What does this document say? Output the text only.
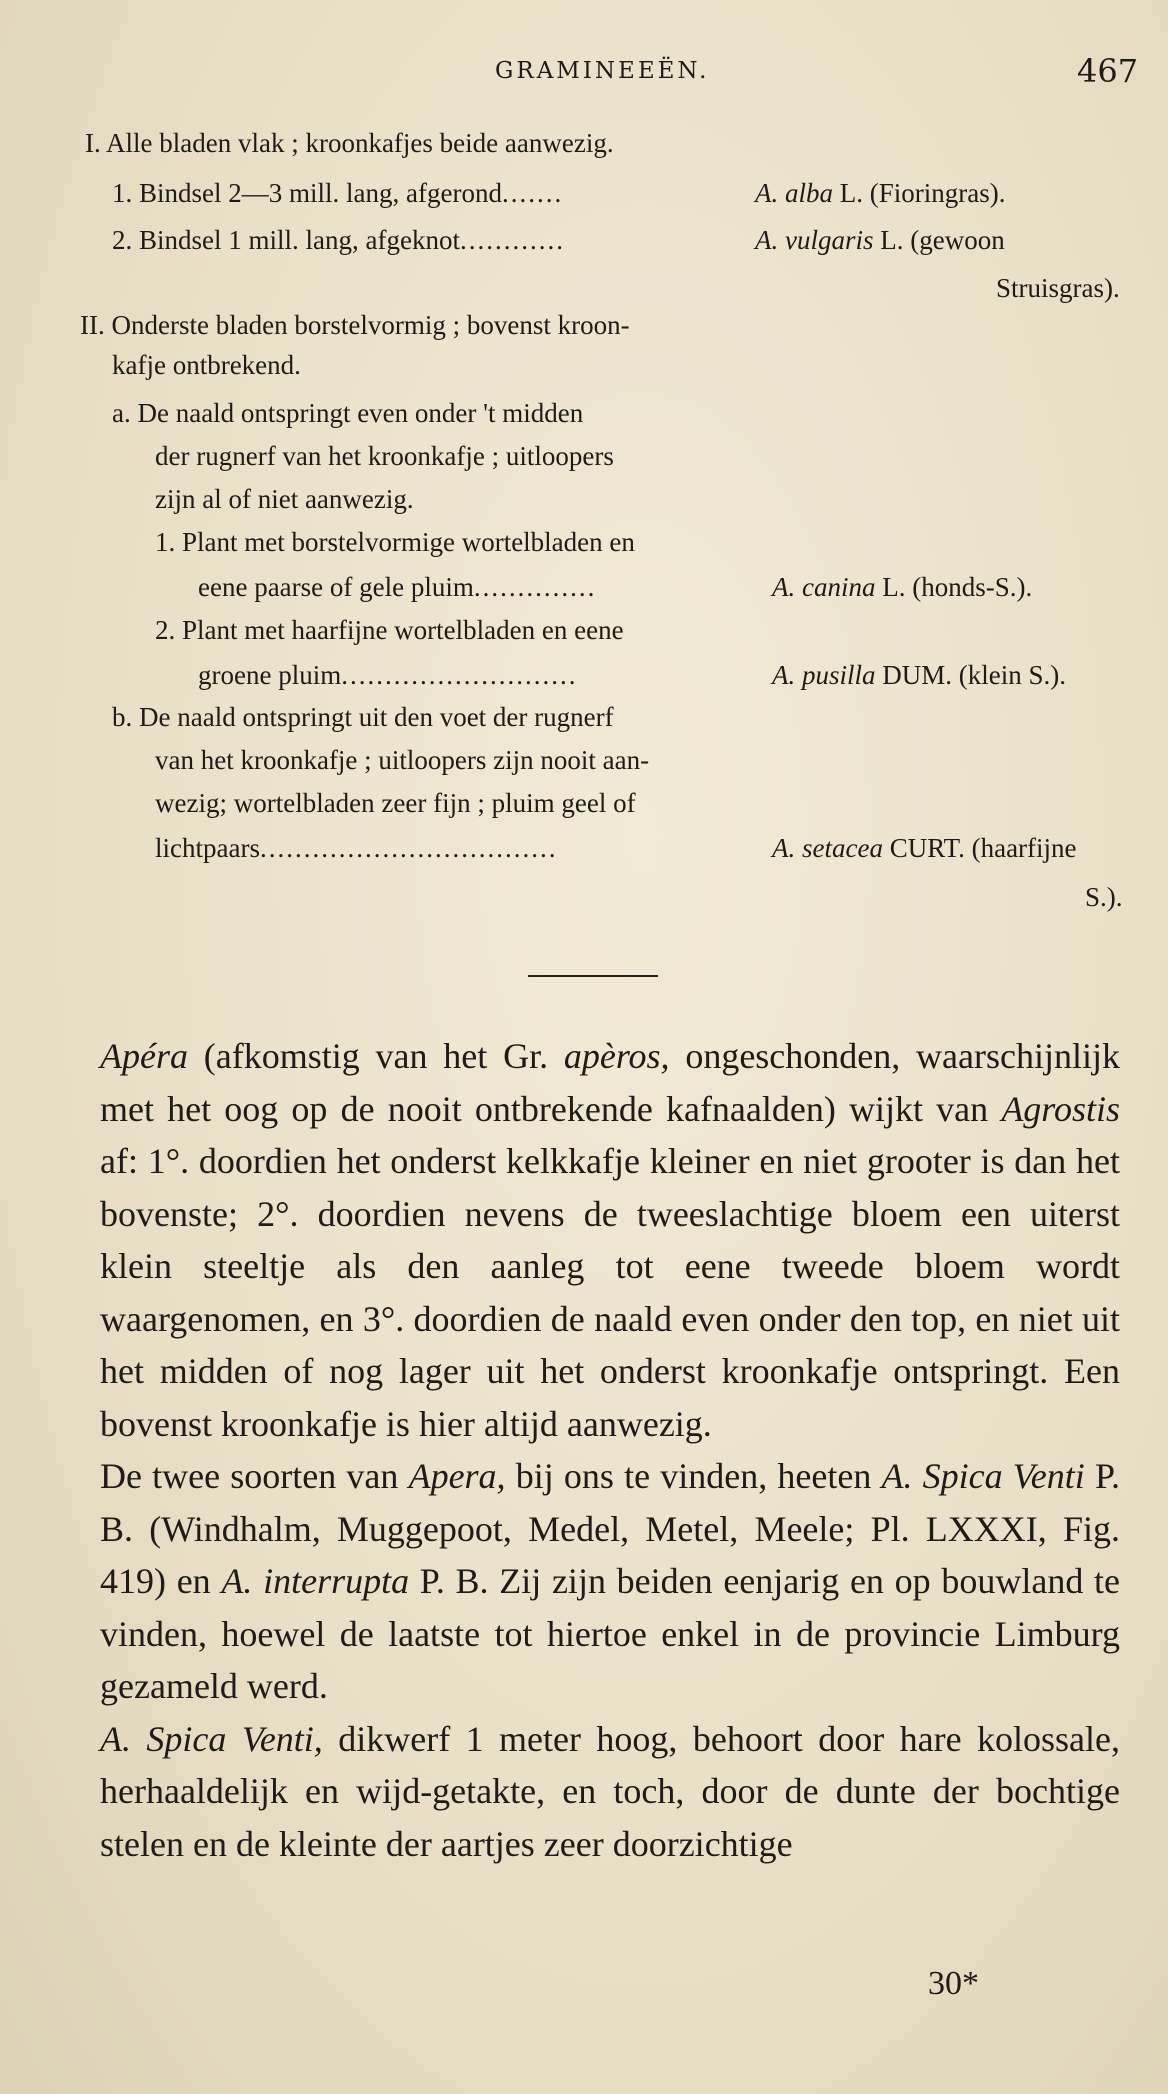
GRAMINEEËN.	467
I. Alle bladen vlak ; kroonkafjes beide aanwezig.
1. Bindsel 2—3 mill. lang, afgerond.......	A. alba L. (Fioringras).
2. Bindsel 1 mill. lang, afgeknot............	A. vulgaris L. (gewoon
Struisgras).
II. Onderste bladen borstelvormig ; bovenst kroon-
kafje ontbrekend.
a. De naald ontspringt even onder 't midden
der rugnerf van het kroonkafje ; uitloopers
zijn al of niet aanwezig.
1. Plant met borstelvormige wortelbladen en
eene paarse of gele pluim..............	A. canina L. (honds-S.).
2. Plant met haarfijne wortelbladen en eene
groene pluim...........................	A. pusilla DUM. (klein S.).
b. De naald ontspringt uit den voet der rugnerf
van het kroonkafje ; uitloopers zijn nooit aan-
wezig; wortelbladen zeer fijn ; pluim geel of
lichtpaars..................................	A. setacea CURT. (haarfijne
S.).

Apéra (afkomstig van het Gr. apèros, ongeschonden, waarschijnlijk met het oog op de nooit ontbrekende kafnaalden) wijkt van Agrostis af: 1°. doordien het onderst kelkkafje kleiner en niet grooter is dan het bovenste; 2°. doordien nevens de tweeslachtige bloem een uiterst klein steeltje als den aanleg tot eene tweede bloem wordt waargenomen, en 3°. doordien de naald even onder den top, en niet uit het midden of nog lager uit het onderst kroonkafje ontspringt. Een bovenst kroonkafje is hier altijd aanwezig.

De twee soorten van Apera, bij ons te vinden, heeten A. Spica Venti P. B. (Windhalm, Muggepoot, Medel, Metel, Meele; Pl. LXXXI, Fig. 419) en A. interrupta P. B. Zij zijn beiden eenjarig en op bouwland te vinden, hoewel de laatste tot hiertoe enkel in de provincie Limburg gezameld werd.

A. Spica Venti, dikwerf 1 meter hoog, behoort door hare kolossale, herhaaldelijk en wijd-getakte, en toch, door de dunte der bochtige stelen en de kleinte der aartjes zeer doorzichtige

30*
